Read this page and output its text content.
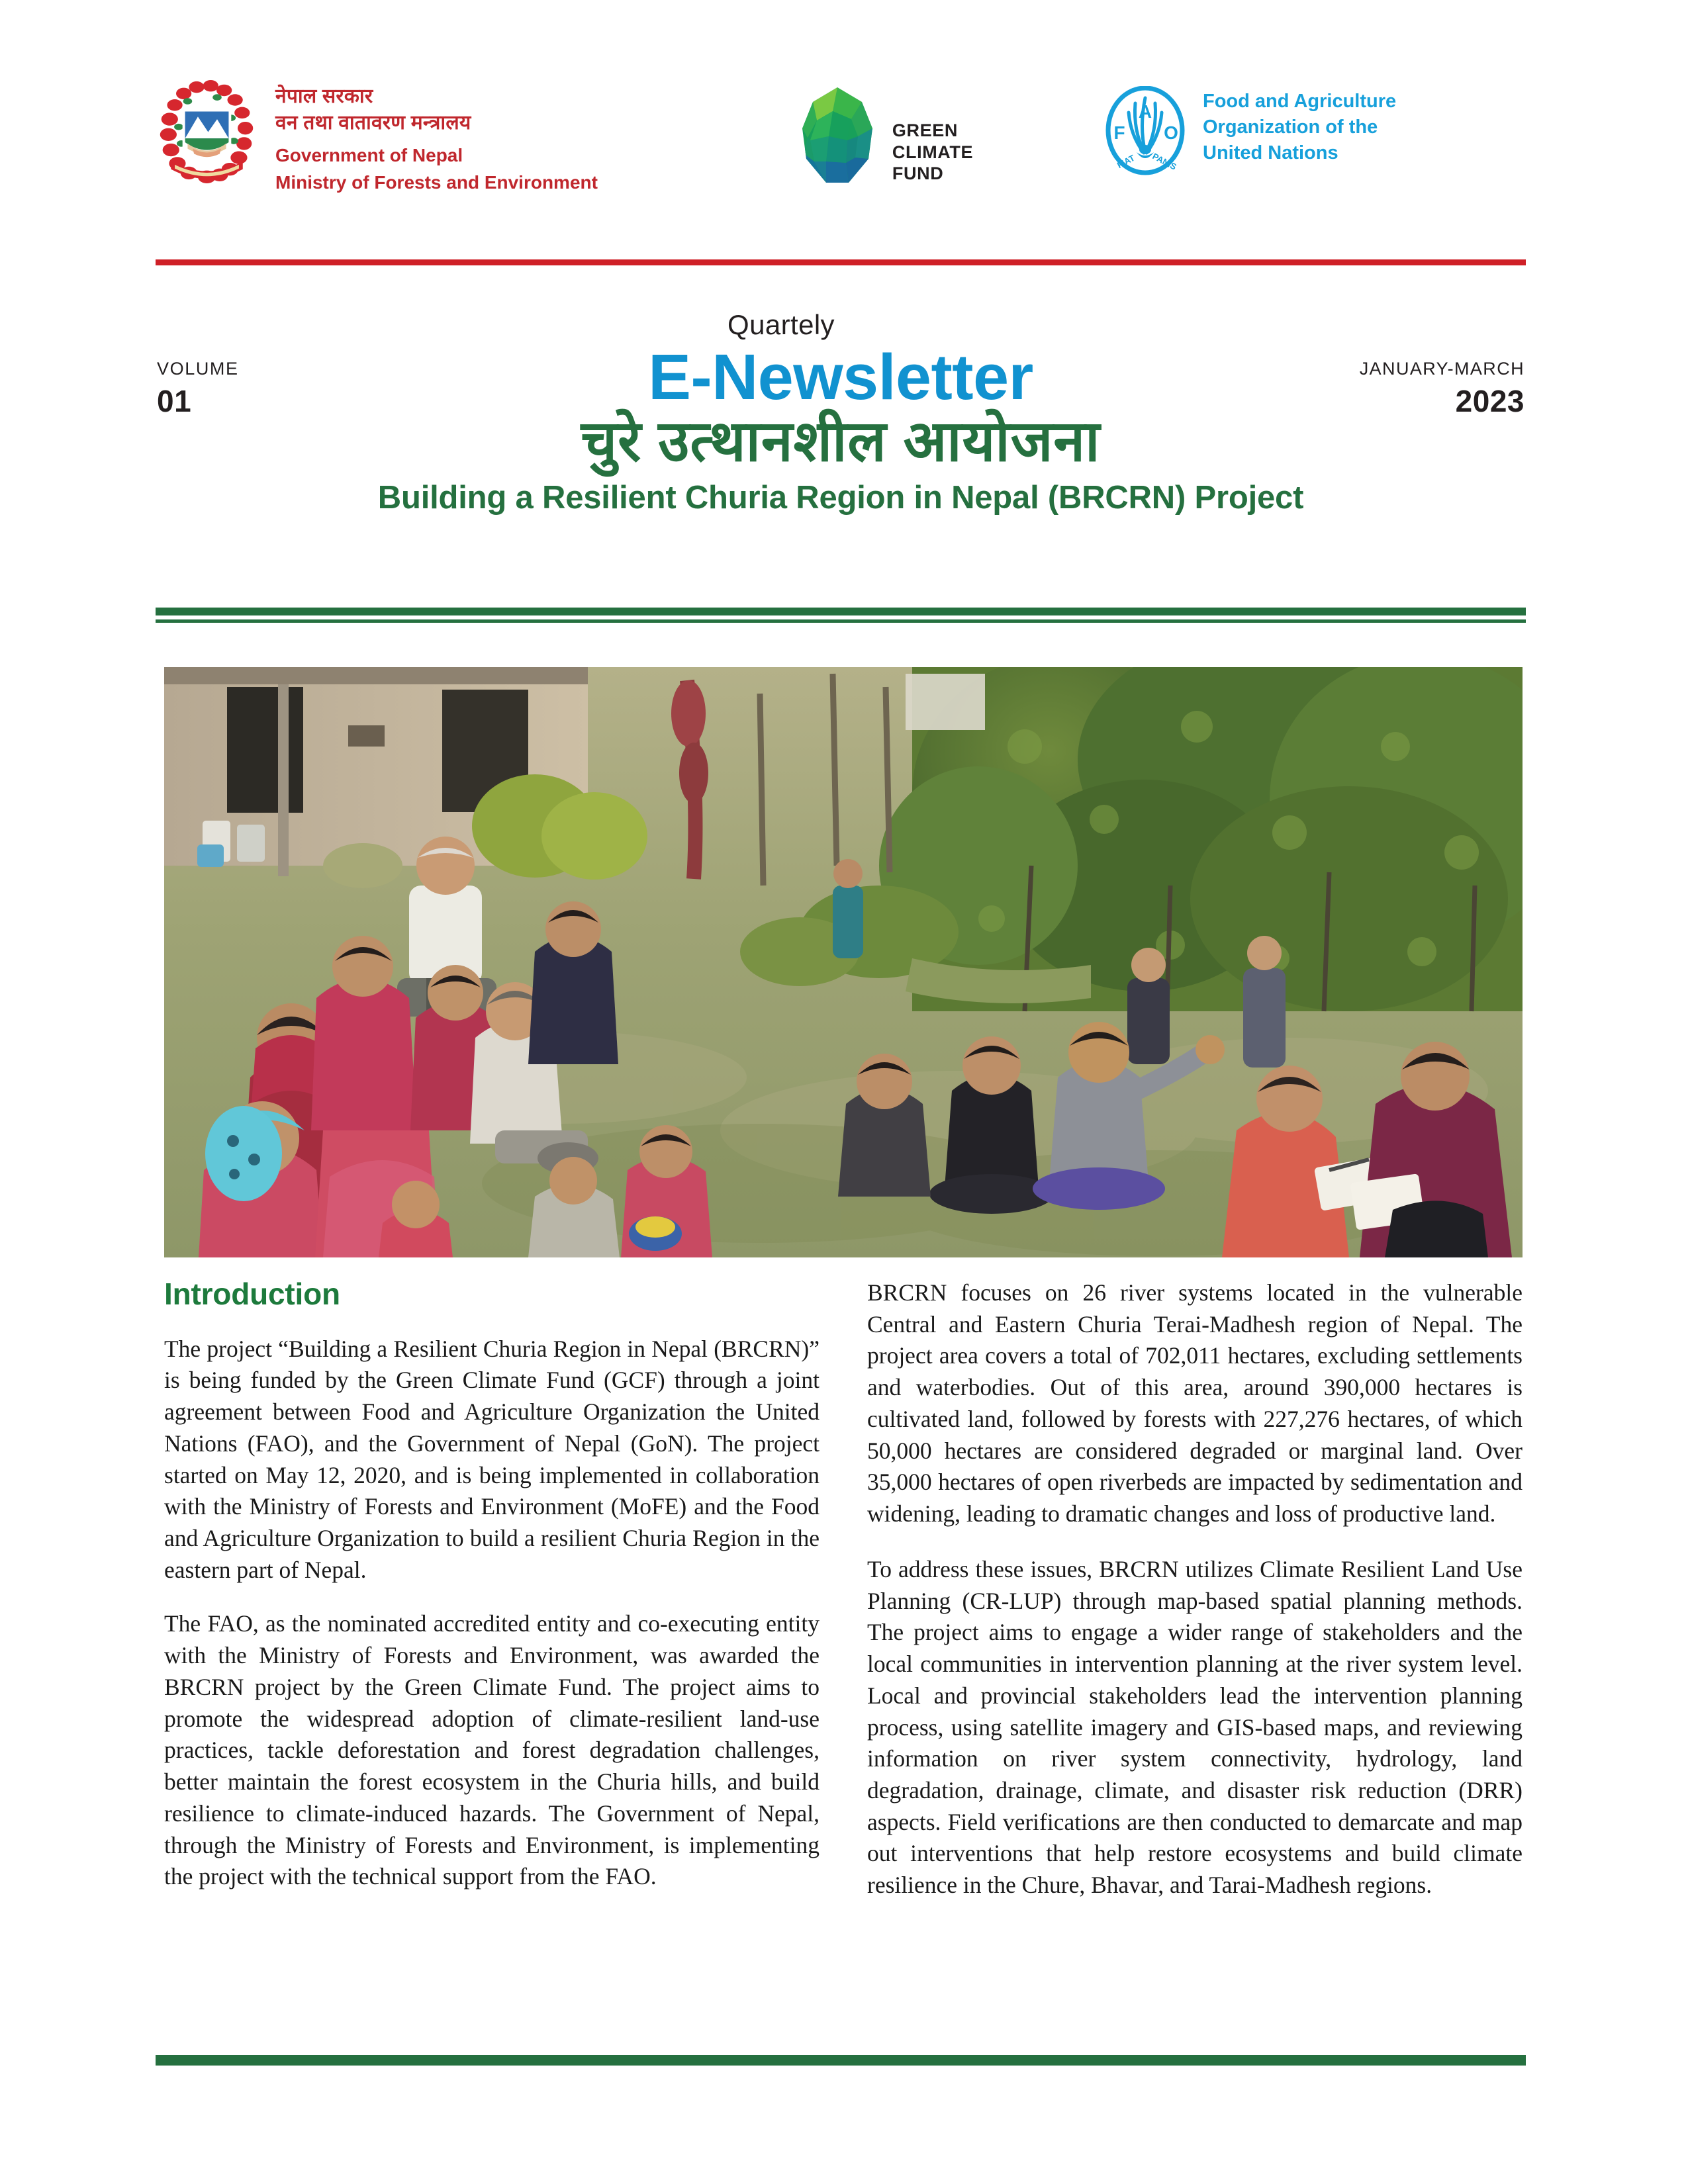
नेपाल सरकार
वन तथा वातावरण मन्त्रालय
Government of Nepal
Ministry of Forests and Environment
GREEN
CLIMATE
FUND
A
F O
FIAT PANIS
Food and Agriculture
Organization of the
United Nations
VOLUME
01
JANUARY-MARCH
2023
Quartely
E-Newsletter
चुरे उत्थानशील आयोजना
Building a Resilient Churia Region in Nepal (BRCRN) Project
Introduction

The project “Building a Resilient Churia Region in Nepal (BRCRN)” is being funded by the Green Climate Fund (GCF) through a joint agreement between Food and Agriculture Organization the United Nations (FAO), and the Government of Nepal (GoN). The project started on May 12, 2020, and is being implemented in collaboration with the Ministry of Forests and Environment (MoFE) and the Food and Agriculture Organization to build a resilient Churia Region in the eastern part of Nepal.

The FAO, as the nominated accredited entity and co-executing entity with the Ministry of Forests and Environment, was awarded the BRCRN project by the Green Climate Fund. The project aims to promote the widespread adoption of climate-resilient land-use practices, tackle deforestation and forest degradation challenges, better maintain the forest ecosystem in the Churia hills, and build resilience to climate-induced hazards. The Government of Nepal, through the Ministry of Forests and Environment, is implementing the project with the technical support from the FAO.

BRCRN focuses on 26 river systems located in the vulnerable Central and Eastern Churia Terai-Madhesh region of Nepal. The project area covers a total of 702,011 hectares, excluding settlements and waterbodies. Out of this area, around 390,000 hectares is cultivated land, followed by forests with 227,276 hectares, of which 50,000 hectares are considered degraded or marginal land. Over 35,000 hectares of open riverbeds are impacted by sedimentation and widening, leading to dramatic changes and loss of productive land.

To address these issues, BRCRN utilizes Climate Resilient Land Use Planning (CR-LUP) through map-based spatial planning methods. The project aims to engage a wider range of stakeholders and the local communities in intervention planning at the river system level. Local and provincial stakeholders lead the intervention planning process, using satellite imagery and GIS-based maps, and reviewing information on river system connectivity, hydrology, land degradation, drainage, climate, and disaster risk reduction (DRR) aspects. Field verifications are then conducted to demarcate and map out interventions that help restore ecosystems and build climate resilience in the Chure, Bhavar, and Tarai-Madhesh regions.
